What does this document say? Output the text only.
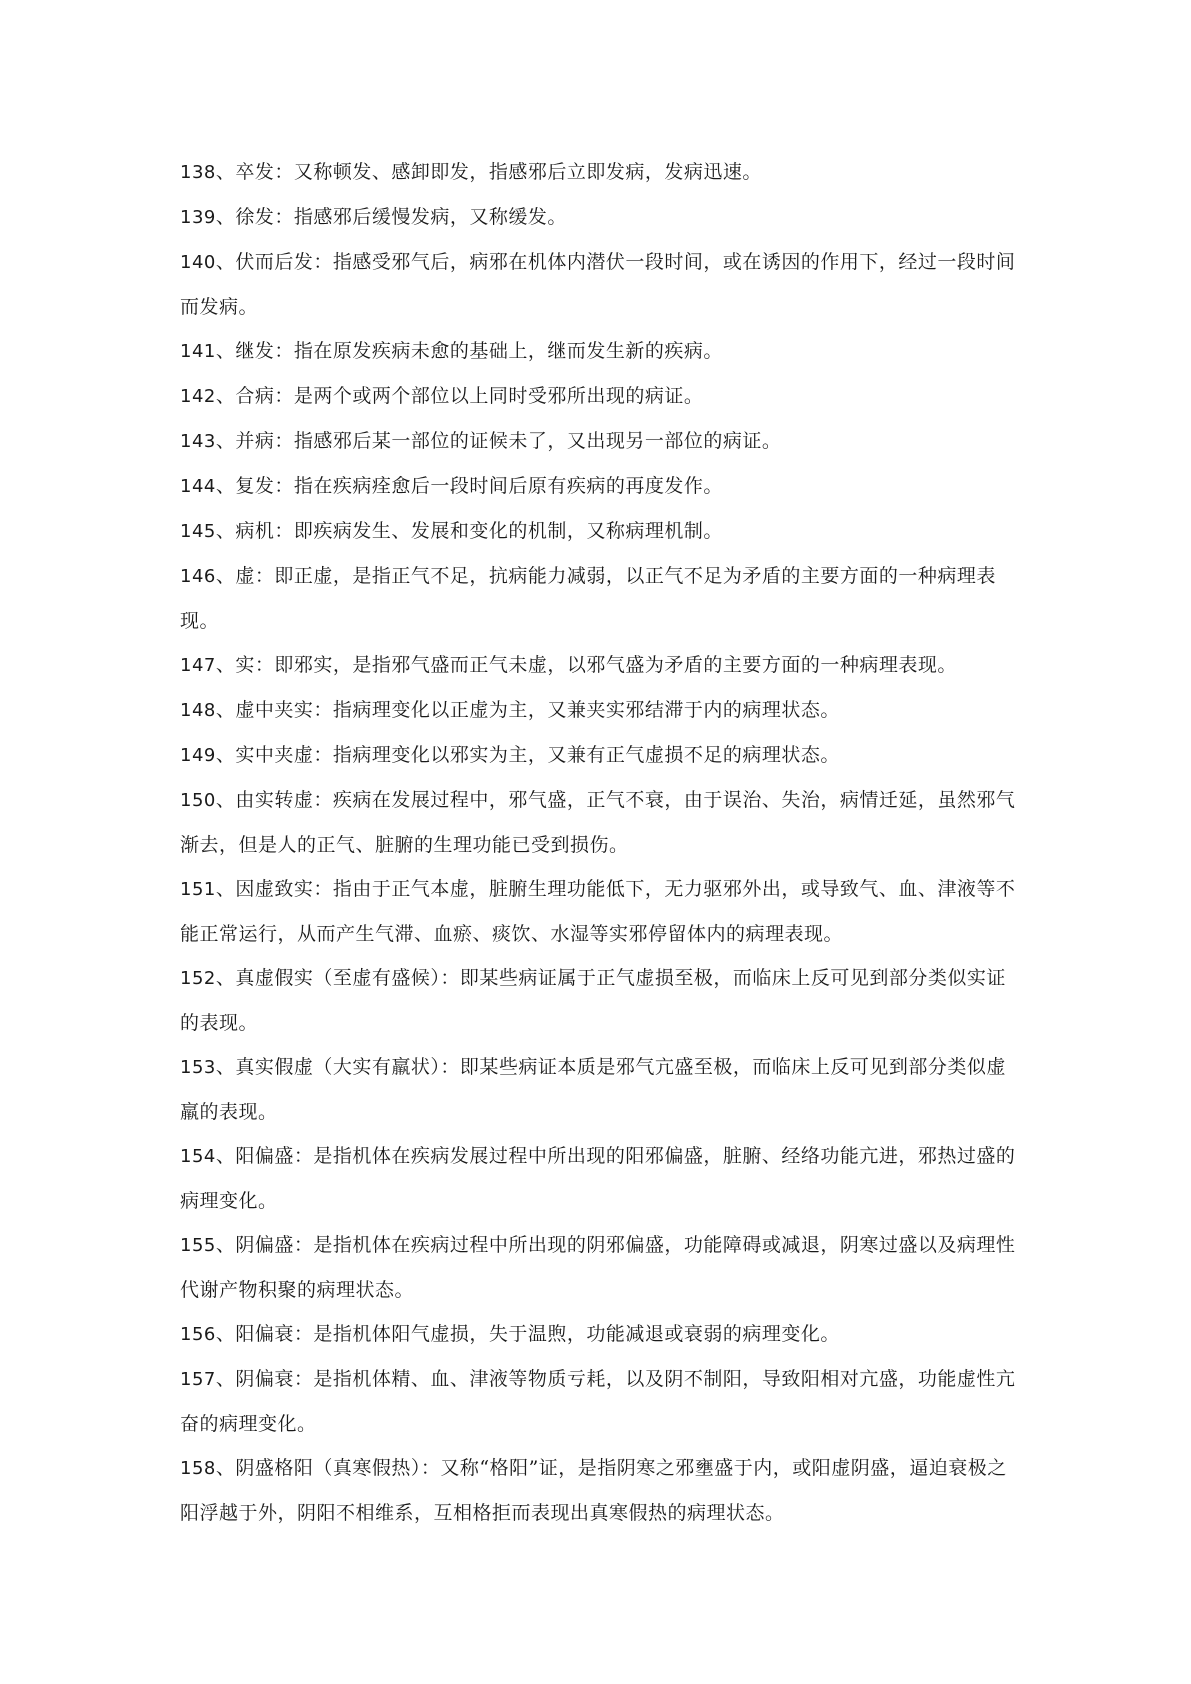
138、卒发：又称顿发、感卸即发，指感邪后立即发病，发病迅速。
139、徐发：指感邪后缓慢发病，又称缓发。
140、伏而后发：指感受邪气后，病邪在机体内潜伏一段时间，或在诱因的作用下，经过一段时间而发病。
141、继发：指在原发疾病未愈的基础上，继而发生新的疾病。
142、合病：是两个或两个部位以上同时受邪所出现的病证。
143、并病：指感邪后某一部位的证候未了，又出现另一部位的病证。
144、复发：指在疾病痊愈后一段时间后原有疾病的再度发作。
145、病机：即疾病发生、发展和变化的机制，又称病理机制。
146、虚：即正虚，是指正气不足，抗病能力减弱，以正气不足为矛盾的主要方面的一种病理表现。
147、实：即邪实，是指邪气盛而正气未虚，以邪气盛为矛盾的主要方面的一种病理表现。
148、虚中夹实：指病理变化以正虚为主，又兼夹实邪结滞于内的病理状态。
149、实中夹虚：指病理变化以邪实为主，又兼有正气虚损不足的病理状态。
150、由实转虚：疾病在发展过程中，邪气盛，正气不衰，由于误治、失治，病情迁延，虽然邪气渐去，但是人的正气、脏腑的生理功能已受到损伤。
151、因虚致实：指由于正气本虚，脏腑生理功能低下，无力驱邪外出，或导致气、血、津液等不能正常运行，从而产生气滞、血瘀、痰饮、水湿等实邪停留体内的病理表现。
152、真虚假实（至虚有盛候）：即某些病证属于正气虚损至极，而临床上反可见到部分类似实证的表现。
153、真实假虚（大实有羸状）：即某些病证本质是邪气亢盛至极，而临床上反可见到部分类似虚羸的表现。
154、阳偏盛：是指机体在疾病发展过程中所出现的阳邪偏盛，脏腑、经络功能亢进，邪热过盛的病理变化。
155、阴偏盛：是指机体在疾病过程中所出现的阴邪偏盛，功能障碍或减退，阴寒过盛以及病理性代谢产物积聚的病理状态。
156、阳偏衰：是指机体阳气虚损，失于温煦，功能减退或衰弱的病理变化。
157、阴偏衰：是指机体精、血、津液等物质亏耗，以及阴不制阳，导致阳相对亢盛，功能虚性亢奋的病理变化。
158、阴盛格阳（真寒假热）：又称“格阳”证，是指阴寒之邪壅盛于内，或阳虚阴盛，逼迫衰极之阳浮越于外，阴阳不相维系，互相格拒而表现出真寒假热的病理状态。
